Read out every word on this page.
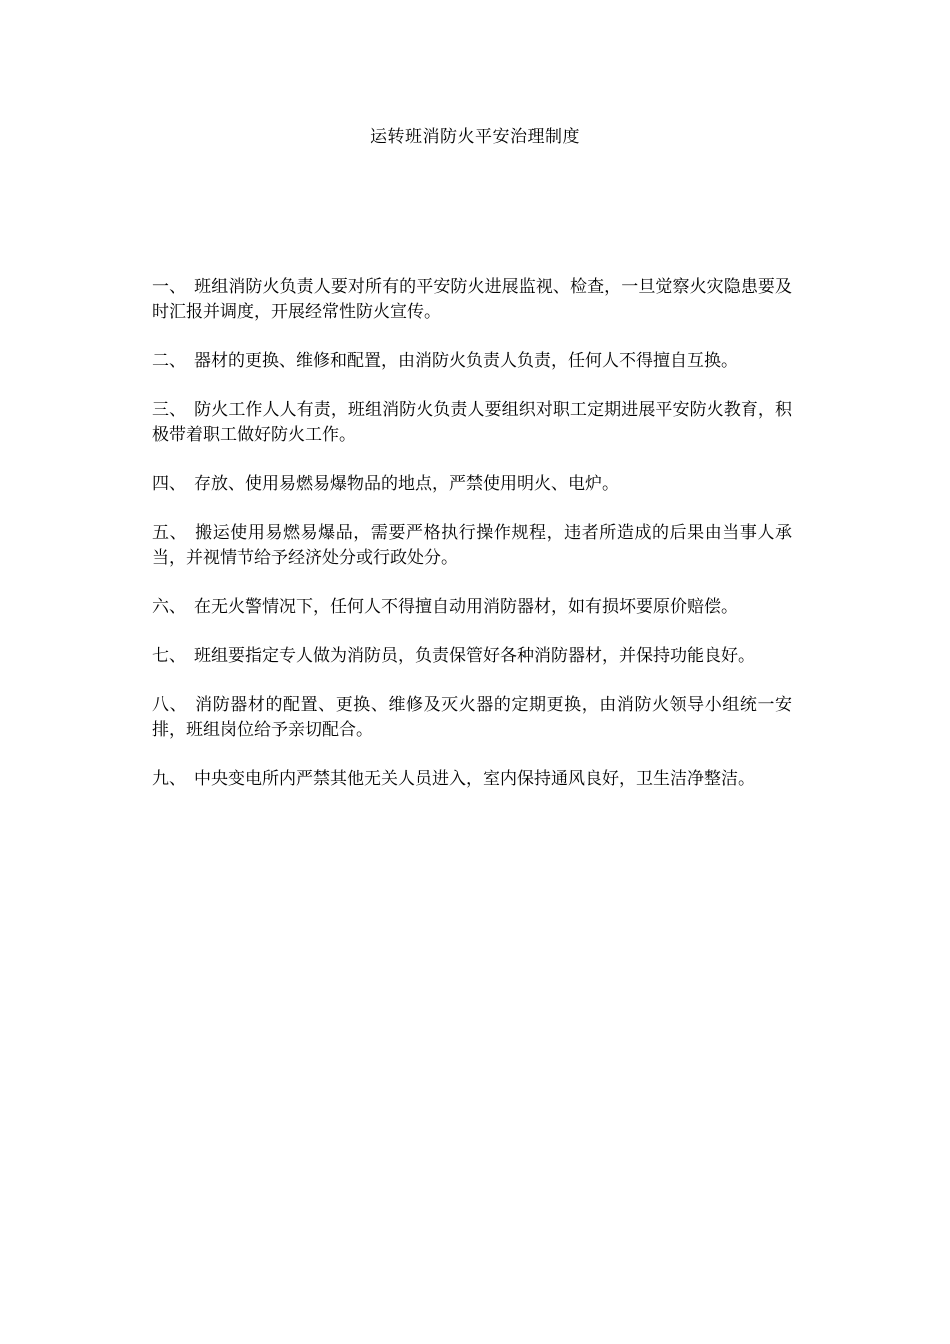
运转班消防火平安治理制度

一、 班组消防火负责人要对所有的平安防火进展监视、检查，一旦觉察火灾隐患要及时汇报并调度，开展经常性防火宣传。

二、 器材的更换、维修和配置，由消防火负责人负责，任何人不得擅自互换。

三、 防火工作人人有责，班组消防火负责人要组织对职工定期进展平安防火教育，积极带着职工做好防火工作。

四、 存放、使用易燃易爆物品的地点，严禁使用明火、电炉。

五、 搬运使用易燃易爆品，需要严格执行操作规程，违者所造成的后果由当事人承当，并视情节给予经济处分或行政处分。

六、 在无火警情况下，任何人不得擅自动用消防器材，如有损坏要原价赔偿。

七、 班组要指定专人做为消防员，负责保管好各种消防器材，并保持功能良好。

八、 消防器材的配置、更换、维修及灭火器的定期更换，由消防火领导小组统一安排，班组岗位给予亲切配合。

九、 中央变电所内严禁其他无关人员进入，室内保持通风良好，卫生洁净整洁。
